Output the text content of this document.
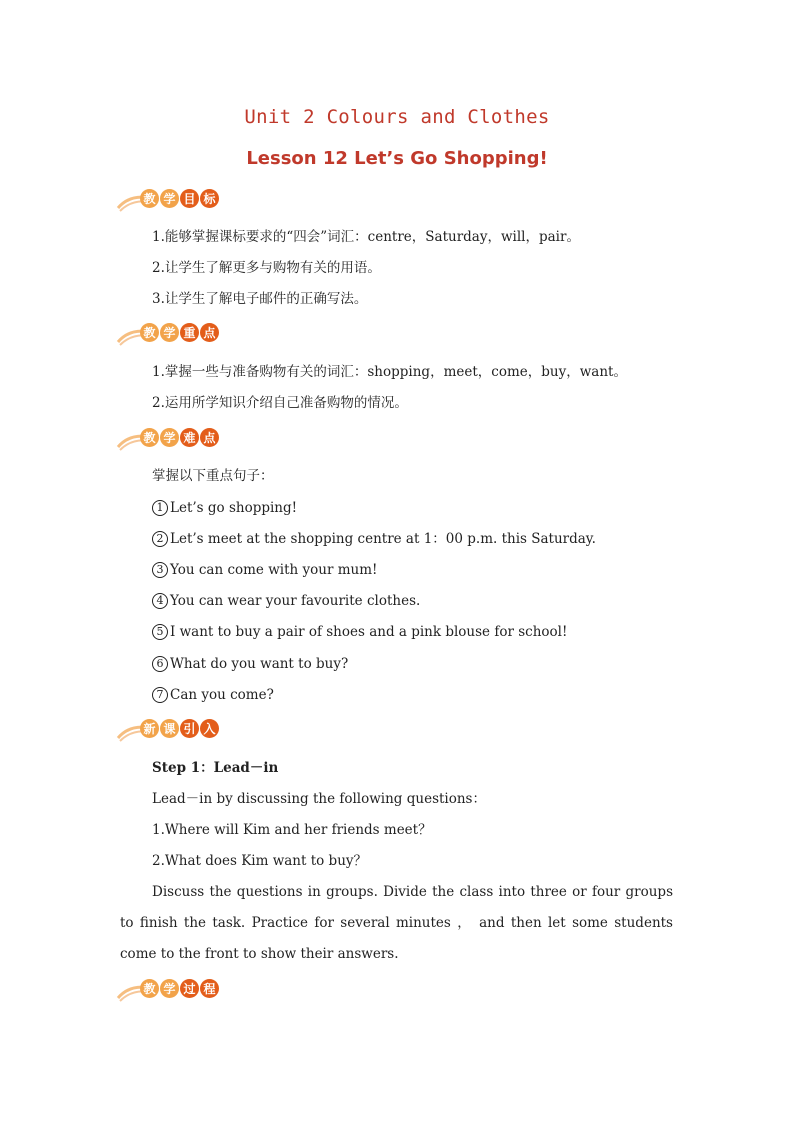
Unit 2 Colours and Clothes
Lesson 12 Let’s Go Shopping!
教 学 目 标
1.能够掌握课标要求的“四会”词汇：centre，Saturday，will，pair。
2.让学生了解更多与购物有关的用语。
3.让学生了解电子邮件的正确写法。
教 学 重 点
1.掌握一些与准备购物有关的词汇：shopping，meet，come，buy，want。
2.运用所学知识介绍自己准备购物的情况。
教 学 难 点
掌握以下重点句子：
1 Let’s go shopping!
2 Let’s meet at the shopping centre at 1：00 p.m. this Saturday.
3 You can come with your mum!
4 You can wear your favourite clothes.
5 I want to buy a pair of shoes and a pink blouse for school!
6 What do you want to buy?
7 Can you come?
新 课 引 入
Step 1：Lead－in
Lead－in by discussing the following questions：
1.Where will Kim and her friends meet？
2.What does Kim want to buy？
Discuss the questions in groups. Divide the class into three or four groups to finish the task. Practice for several minutes ， and then let some students come to the front to show their answers.
教 学 过 程
